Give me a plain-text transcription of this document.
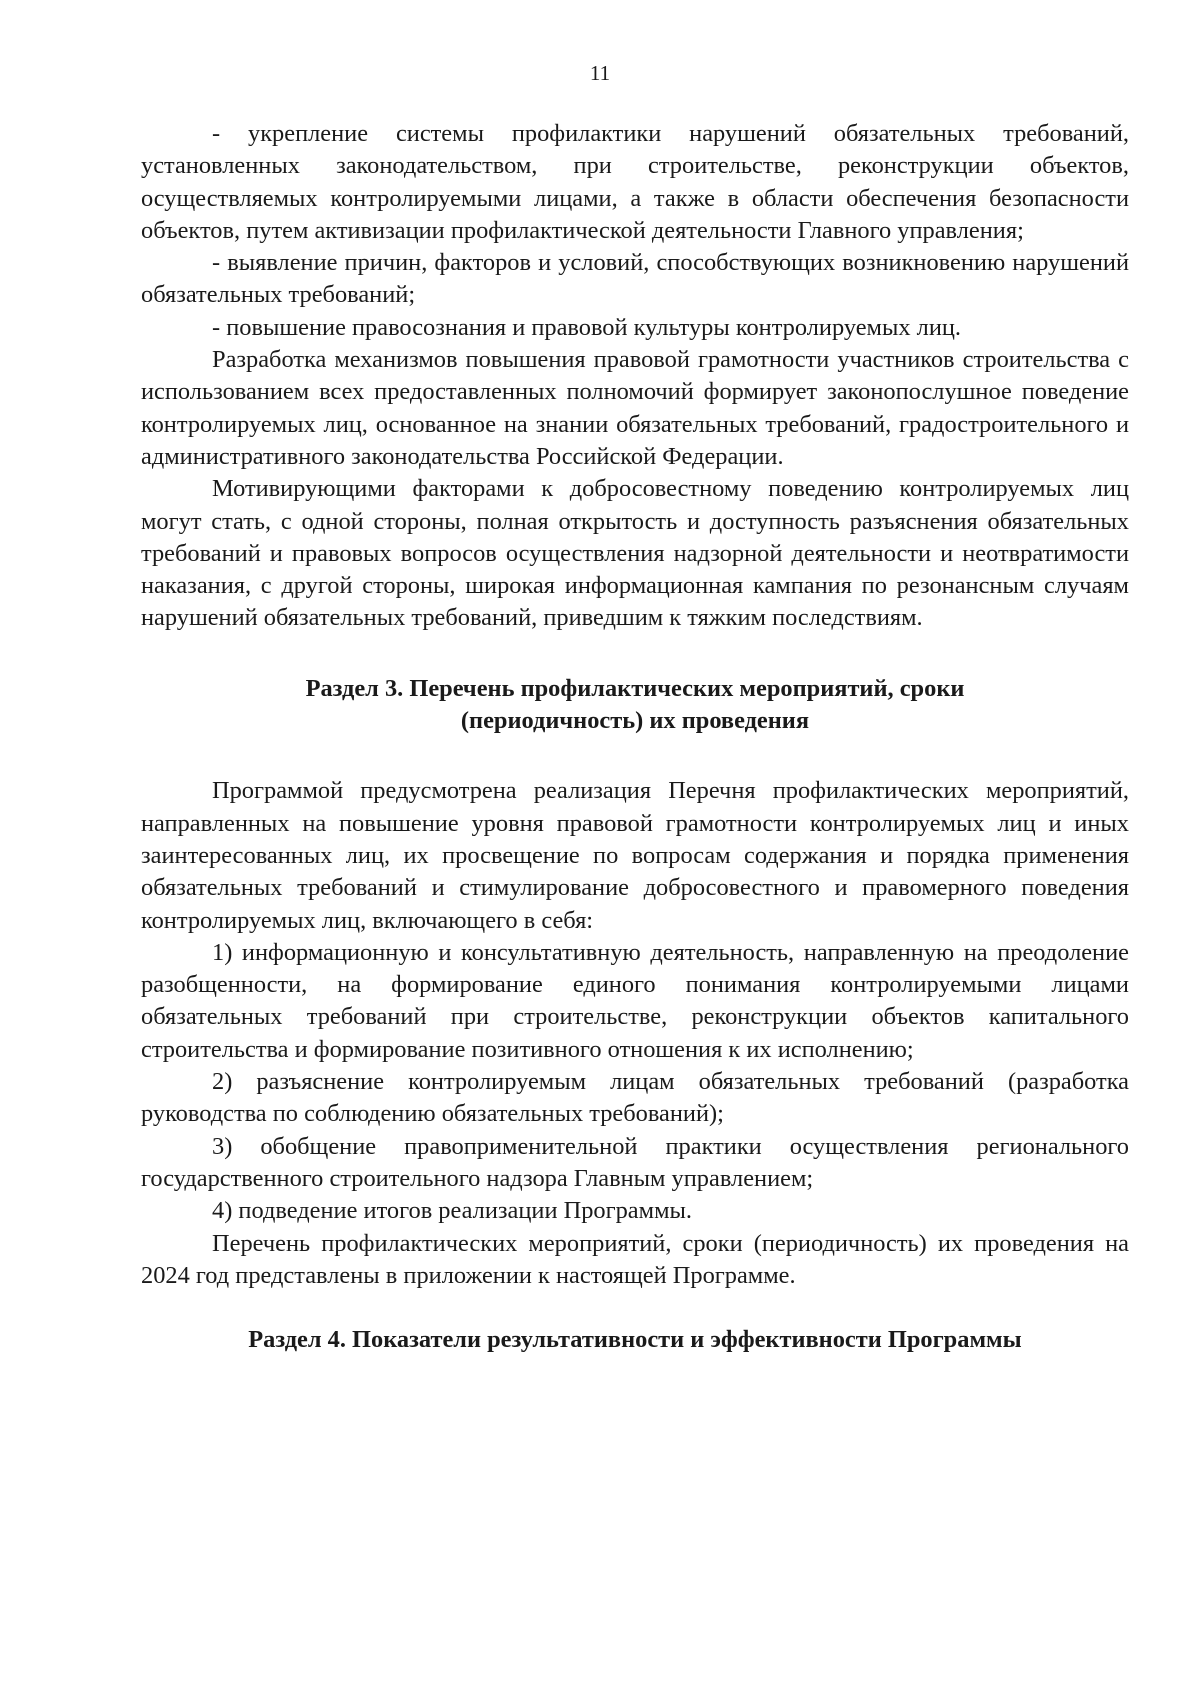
11

- укрепление системы профилактики нарушений обязательных требований, установленных законодательством, при строительстве, реконструкции объектов, осуществляемых контролируемыми лицами, а также в области обеспечения безопасности объектов, путем активизации профилактической деятельности Главного управления;

- выявление причин, факторов и условий, способствующих возникновению нарушений обязательных требований;

- повышение правосознания и правовой культуры контролируемых лиц.

Разработка механизмов повышения правовой грамотности участников строительства с использованием всех предоставленных полномочий формирует законопослушное поведение контролируемых лиц, основанное на знании обязательных требований, градостроительного и административного законодательства Российской Федерации.

Мотивирующими факторами к добросовестному поведению контролируемых лиц могут стать, с одной стороны, полная открытость и доступность разъяснения обязательных требований и правовых вопросов осуществления надзорной деятельности и неотвратимости наказания, с другой стороны, широкая информационная кампания по резонансным случаям нарушений обязательных требований, приведшим к тяжким последствиям.

Раздел 3. Перечень профилактических мероприятий, сроки (периодичность) их проведения

Программой предусмотрена реализация Перечня профилактических мероприятий, направленных на повышение уровня правовой грамотности контролируемых лиц и иных заинтересованных лиц, их просвещение по вопросам содержания и порядка применения обязательных требований и стимулирование добросовестного и правомерного поведения контролируемых лиц, включающего в себя:

1) информационную и консультативную деятельность, направленную на преодоление разобщенности, на формирование единого понимания контролируемыми лицами обязательных требований при строительстве, реконструкции объектов капитального строительства и формирование позитивного отношения к их исполнению;

2) разъяснение контролируемым лицам обязательных требований (разработка руководства по соблюдению обязательных требований);

3) обобщение правоприменительной практики осуществления регионального государственного строительного надзора Главным управлением;

4) подведение итогов реализации Программы.

Перечень профилактических мероприятий, сроки (периодичность) их проведения на 2024 год представлены в приложении к настоящей Программе.

Раздел 4. Показатели результативности и эффективности Программы
